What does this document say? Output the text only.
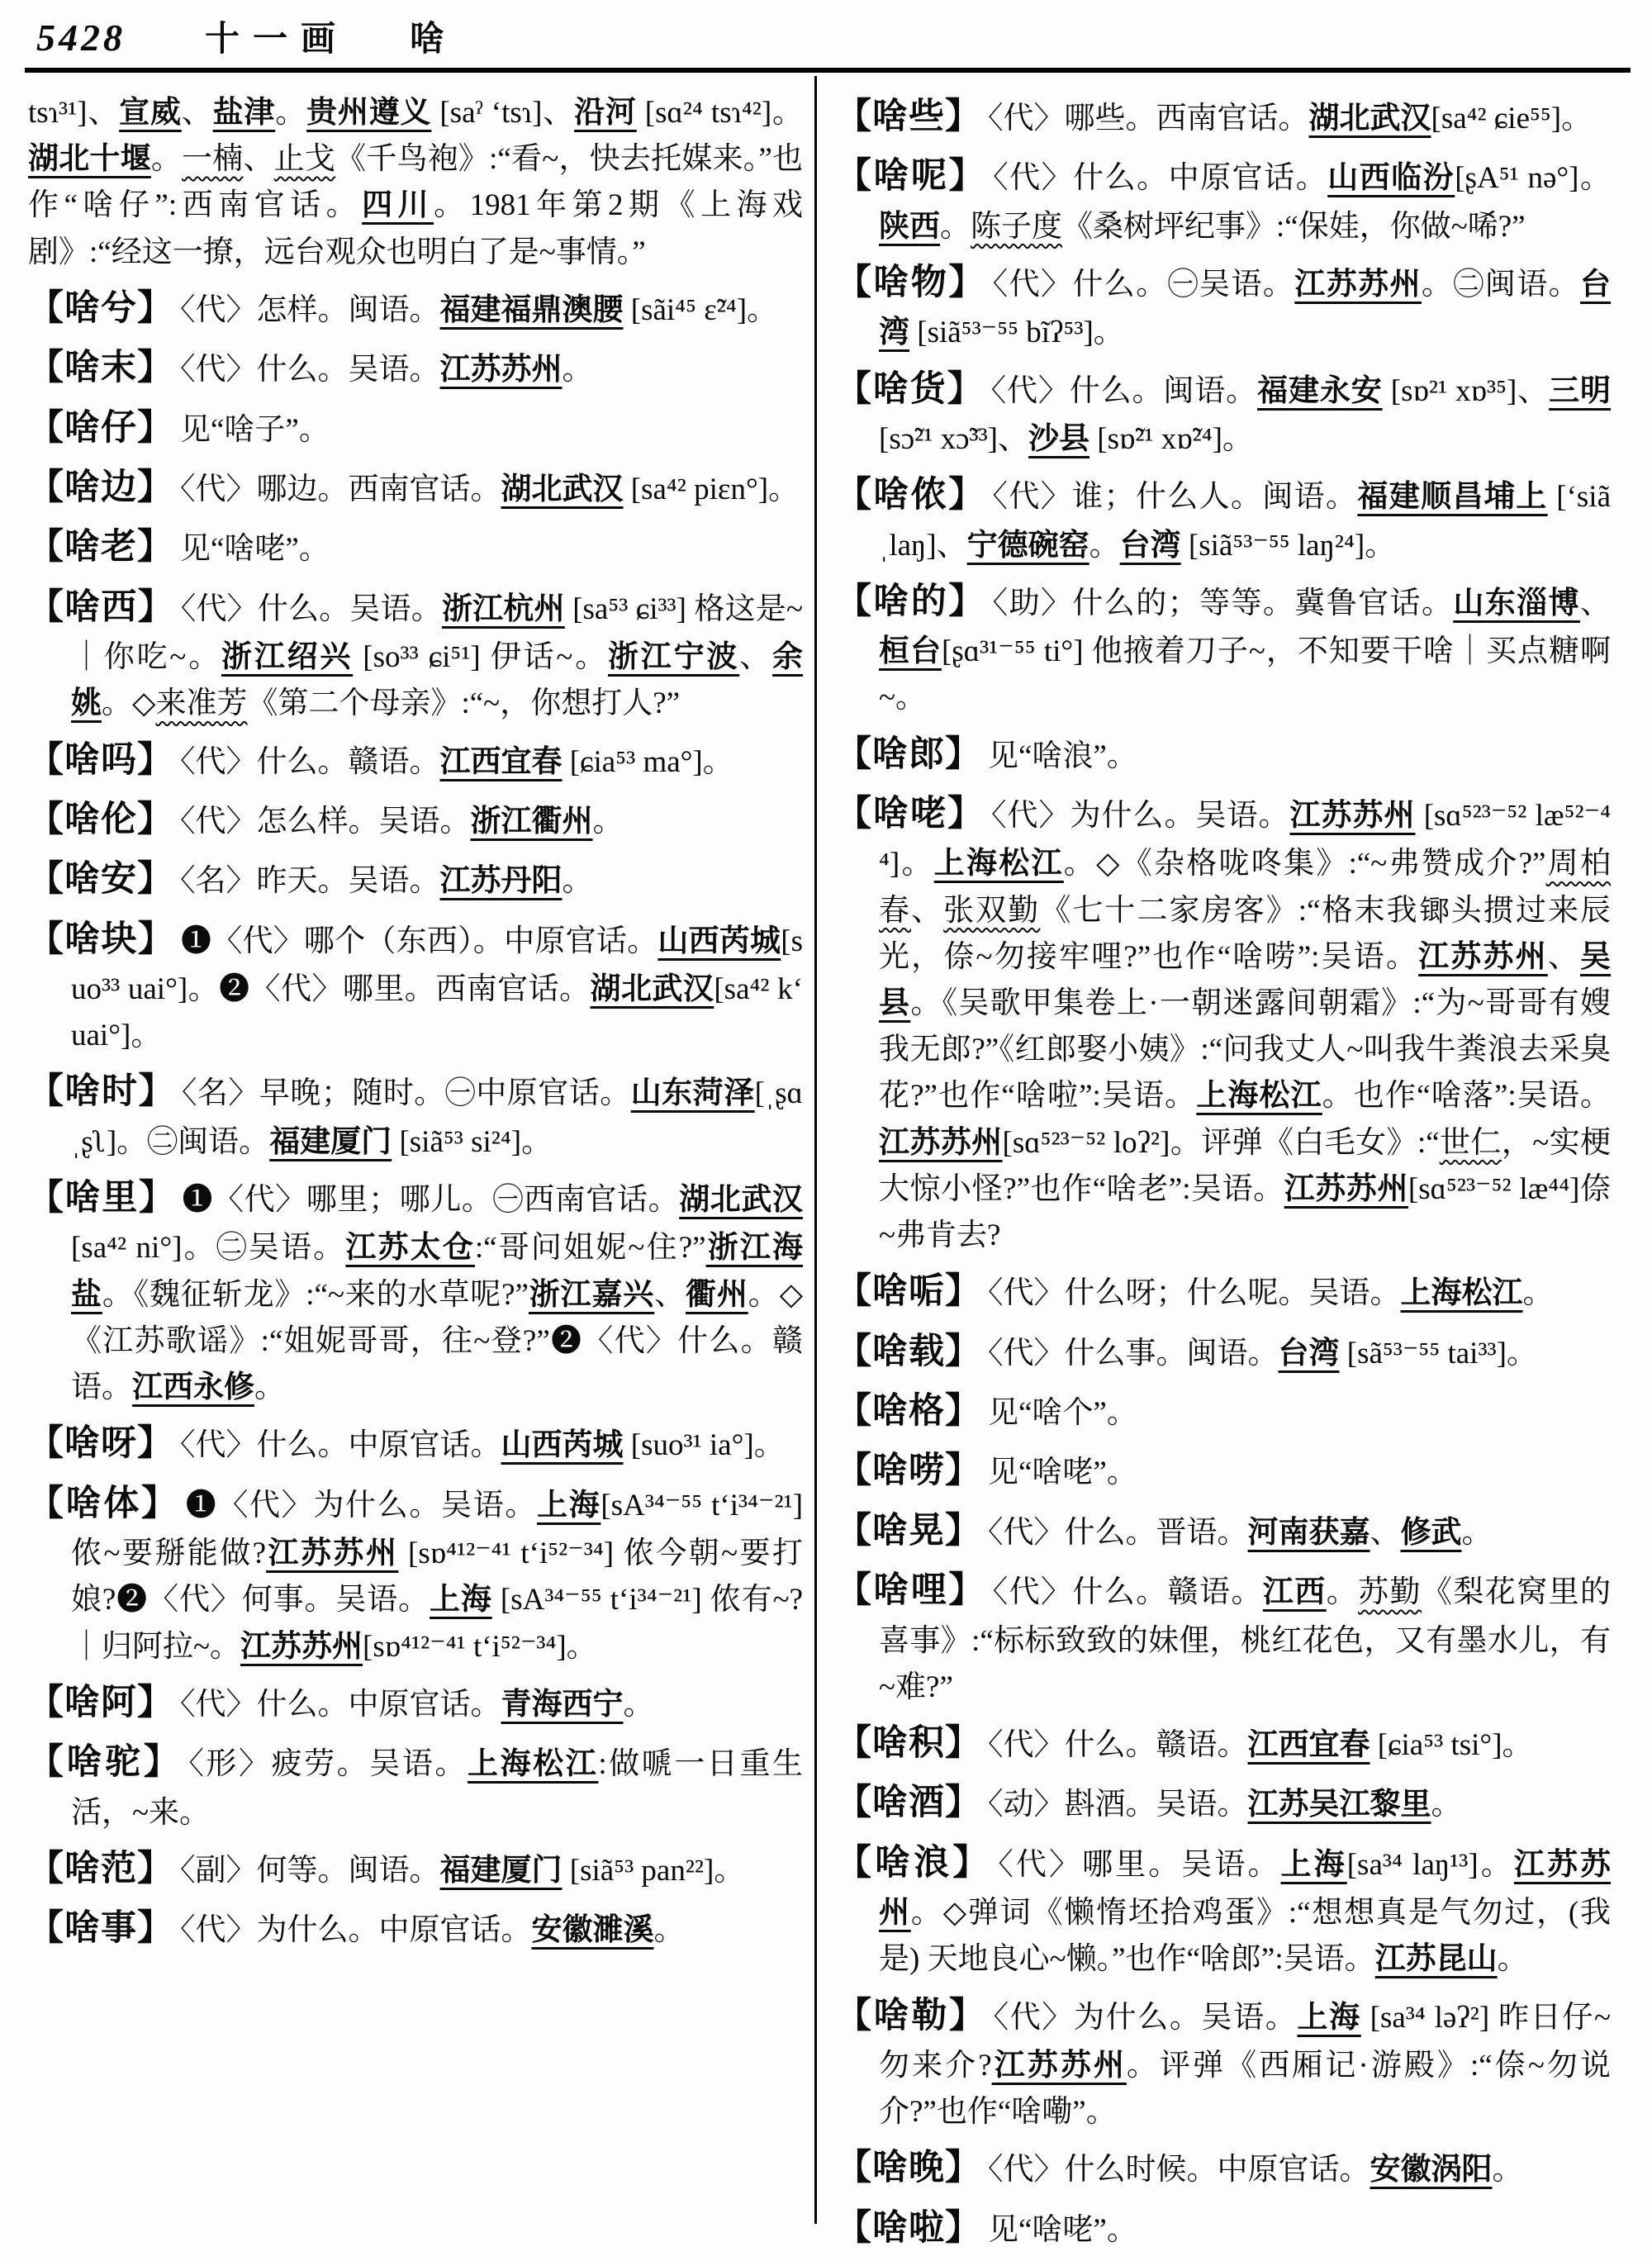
5428 十一画 啥

tsɿ³¹]、宣威、盐津。贵州遵义 [saˀ ʻtsɿ]、沿河 [sɑ²⁴ tsɿ⁴²]。湖北十堰。一楠、止戈《千鸟袍》:“看~，快去托媒来。”也作“啥仔”:西南官话。四川。1981年第2期《上海戏剧》:“经这一撩，远台观众也明白了是~事情。”

【啥兮】 〈代〉怎样。闽语。福建福鼎澳腰 [sãi⁴⁵ ɛ̃²⁴]。

【啥末】 〈代〉什么。吴语。江苏苏州。

【啥仔】 见“啥子”。

【啥边】 〈代〉哪边。西南官话。湖北武汉 [sa⁴² piɛn°]。

【啥老】 见“啥咾”。

【啥西】 〈代〉什么。吴语。浙江杭州 [sa⁵³ ɕi³³] 格这是~｜你吃~。浙江绍兴 [so³³ ɕi⁵¹] 伊话~。浙江宁波、余姚。◇来准芳《第二个母亲》:“~，你想打人?”

【啥吗】 〈代〉什么。赣语。江西宜春 [ɕia⁵³ ma°]。

【啥伦】 〈代〉怎么样。吴语。浙江衢州。

【啥安】 〈名〉昨天。吴语。江苏丹阳。

【啥块】 ❶〈代〉哪个（东西）。中原官话。山西芮城[suo³³ uai°]。❷〈代〉哪里。西南官话。湖北武汉[sa⁴² kʻuai°]。

【啥时】 〈名〉早晚；随时。㊀中原官话。山东菏泽[ˌʂɑ ˌʂʅ]。㊁闽语。福建厦门 [siã⁵³ si²⁴]。

【啥里】 ❶〈代〉哪里；哪儿。㊀西南官话。湖北武汉[sa⁴² ni°]。㊁吴语。江苏太仓:“哥问姐妮~住?”浙江海盐。《魏征斩龙》:“~来的水草呢?”浙江嘉兴、衢州。◇《江苏歌谣》:“姐妮哥哥，往~登?”❷〈代〉什么。赣语。江西永修。

【啥呀】 〈代〉什么。中原官话。山西芮城 [suo³¹ ia°]。

【啥体】 ❶〈代〉为什么。吴语。上海[sA³⁴⁻⁵⁵ tʻi³⁴⁻²¹] 侬~要掰能做?江苏苏州 [sɒ⁴¹²⁻⁴¹ tʻi⁵²⁻³⁴] 侬今朝~要打娘?❷〈代〉何事。吴语。上海 [sA³⁴⁻⁵⁵ tʻi³⁴⁻²¹] 侬有~?｜归阿拉~。江苏苏州[sɒ⁴¹²⁻⁴¹ tʻi⁵²⁻³⁴]。

【啥阿】 〈代〉什么。中原官话。青海西宁。

【啥驼】 〈形〉疲劳。吴语。上海松江:做嗁一日重生活，~来。

【啥范】 〈副〉何等。闽语。福建厦门 [siã⁵³ pan²²]。

【啥事】 〈代〉为什么。中原官话。安徽濉溪。

【啥些】 〈代〉哪些。西南官话。湖北武汉[sa⁴² ɕie⁵⁵]。

【啥呢】 〈代〉什么。中原官话。山西临汾[ʂA⁵¹ nə°]。陕西。陈子度《桑树坪纪事》:“保娃，你做~唏?”

【啥物】 〈代〉什么。㊀吴语。江苏苏州。㊁闽语。台湾 [siã⁵³⁻⁵⁵ bĩʔ⁵³]。

【啥货】 〈代〉什么。闽语。福建永安 [sɒ²¹ xɒ³⁵]、三明 [sɔ̃²¹ xɔ̃³³]、沙县 [sɒ̃²¹ xɒ̃²⁴]。

【啥侬】 〈代〉谁；什么人。闽语。福建顺昌埔上 [ʻsiã ˌlaŋ]、宁德碗窑。台湾 [siã⁵³⁻⁵⁵ laŋ²⁴]。

【啥的】 〈助〉什么的；等等。冀鲁官话。山东淄博、桓台[ʂɑ³¹⁻⁵⁵ ti°] 他掖着刀子~，不知要干啥｜买点糖啊~。

【啥郎】 见“啥浪”。

【啥咾】 〈代〉为什么。吴语。江苏苏州 [sɑ⁵²³⁻⁵² læ⁵²⁻⁴⁴]。上海松江。◇《杂格咙咚集》:“~弗赞成介?”周柏春、张双勤《七十二家房客》:“格末我𨱍头掼过来辰光，倷~勿接牢哩?”也作“啥唠”:吴语。江苏苏州、吴县。《吴歌甲集卷上·一朝迷露间朝霜》:“为~哥哥有嫂我无郎?”《红郎娶小姨》:“问我丈人~叫我牛粪浪去采臭花?”也作“啥啦”:吴语。上海松江。也作“啥落”:吴语。江苏苏州[sɑ⁵²³⁻⁵² loʔ²]。评弹《白毛女》:“世仁，~实梗大惊小怪?”也作“啥老”:吴语。江苏苏州[sɑ⁵²³⁻⁵² læ⁴⁴]倷~弗肯去?

【啥㖃】 〈代〉什么呀；什么呢。吴语。上海松江。

【啥载】 〈代〉什么事。闽语。台湾 [sã⁵³⁻⁵⁵ tai³³]。

【啥格】 见“啥个”。

【啥唠】 见“啥咾”。

【啥晃】 〈代〉什么。晋语。河南获嘉、修武。

【啥哩】 〈代〉什么。赣语。江西。苏勤《梨花窝里的喜事》:“标标致致的妹俚，桃红花色，又有墨水儿，有~难?”

【啥积】 〈代〉什么。赣语。江西宜春 [ɕia⁵³ tsi°]。

【啥酒】 〈动〉斟酒。吴语。江苏吴江黎里。

【啥浪】 〈代〉哪里。吴语。上海[sa³⁴ laŋ¹³]。江苏苏州。◇弹词《懒惰坯拾鸡蛋》:“想想真是气勿过，(我是) 天地良心~懒。”也作“啥郎”:吴语。江苏昆山。

【啥勒】 〈代〉为什么。吴语。上海 [sa³⁴ ləʔ²] 昨日仔~勿来介?江苏苏州。评弹《西厢记·游殿》:“倷~勿说介?”也作“啥嘞”。

【啥晚】 〈代〉什么时候。中原官话。安徽涡阳。

【啥啦】 见“啥咾”。
